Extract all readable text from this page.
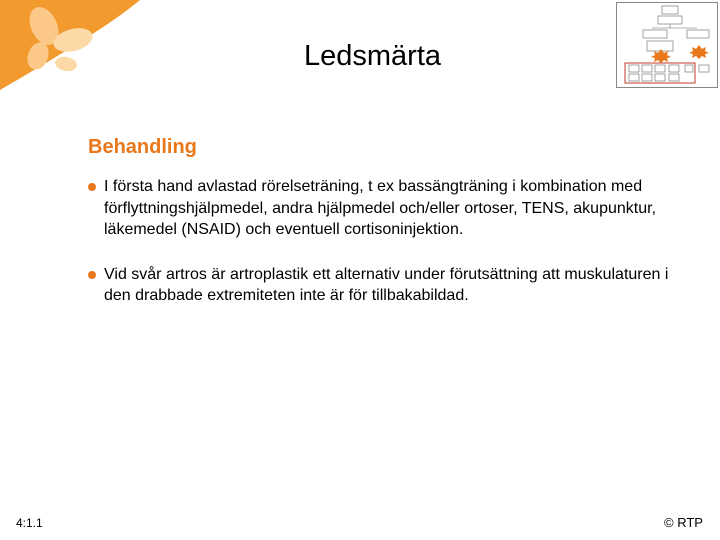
Ledsmärta
Behandling
I första hand avlastad rörelseträning, t ex bassängträning i kombination med förflyttningshjälpmedel, andra hjälpmedel och/eller ortoser, TENS, akupunktur, läkemedel (NSAID) och eventuell cortisoninjektion.
Vid svår artros är artroplastik ett alternativ under förutsättning att muskulaturen i den drabbade extremiteten inte är för tillbakabildad.
4:1.1	© RTP
